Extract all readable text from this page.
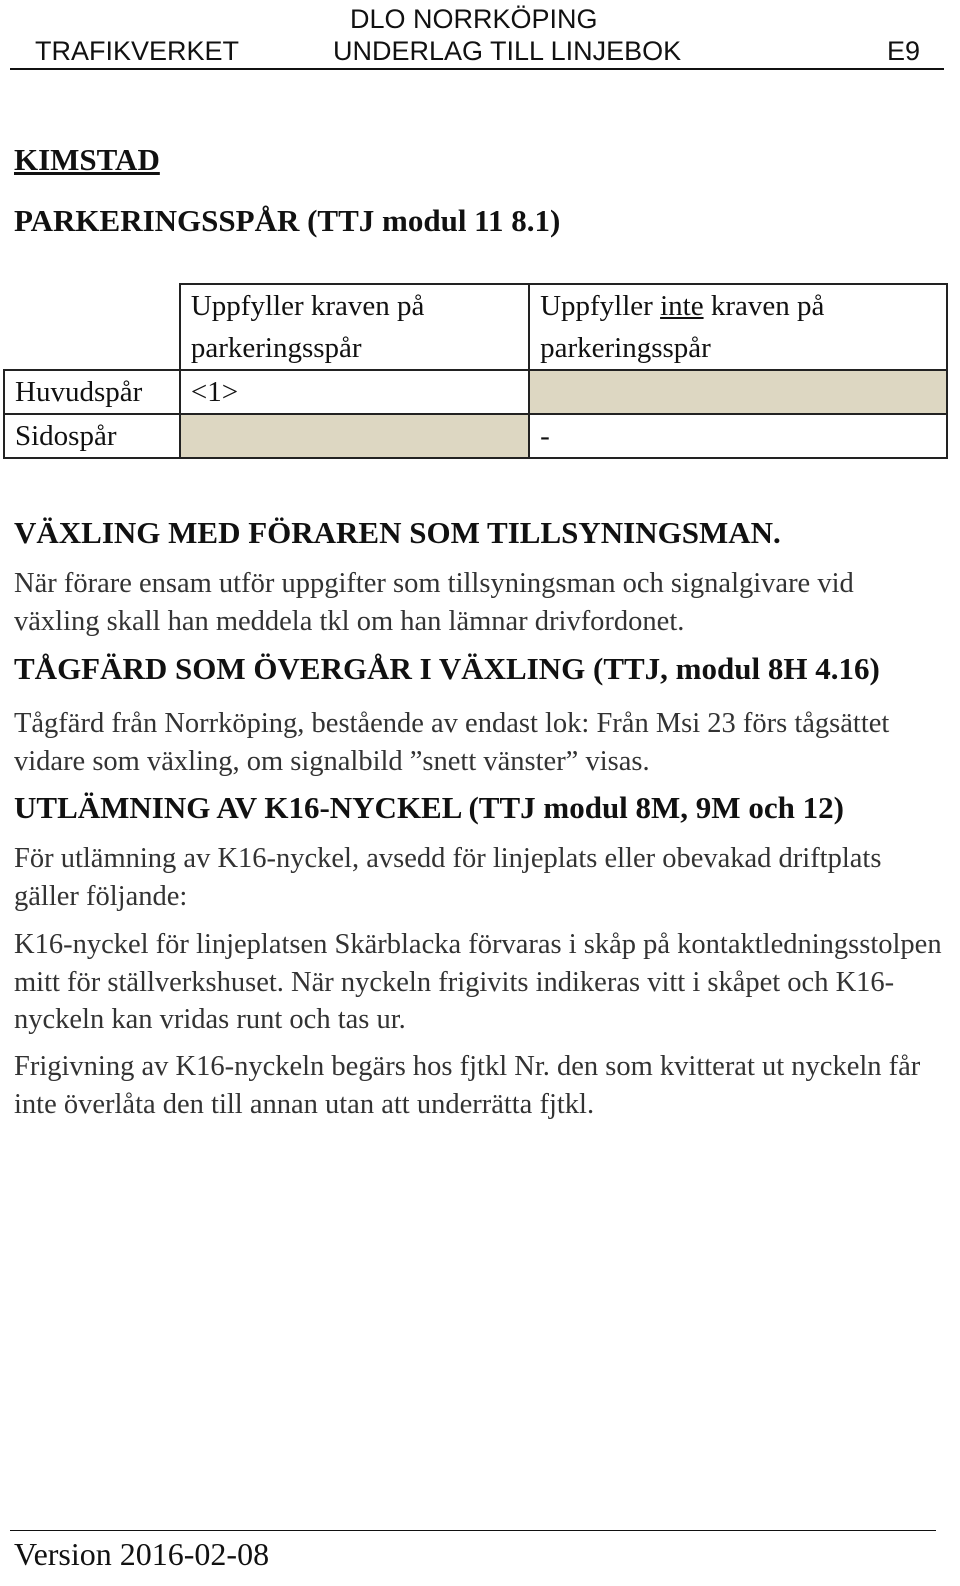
TRAFIKVERKET
DLO NORRKÖPING
UNDERLAG TILL LINJEBOK	E9
KIMSTAD
PARKERINGSSPÅR (TTJ modul 11 8.1)
	Uppfyller kraven på parkeringsspår	Uppfyller inte kraven på parkeringsspår
Huvudspår	<1>	
Sidospår		-
VÄXLING MED FÖRAREN SOM TILLSYNINGSMAN.
När förare ensam utför uppgifter som tillsyningsman och signalgivare vid växling skall han meddela tkl om han lämnar drivfordonet.
TÅGFÄRD SOM ÖVERGÅR I VÄXLING (TTJ, modul 8H 4.16)
Tågfärd från Norrköping, bestående av endast lok: Från Msi 23 förs tågsättet vidare som växling, om signalbild ”snett vänster” visas.
UTLÄMNING AV K16-NYCKEL (TTJ modul 8M, 9M och 12)
För utlämning av K16-nyckel, avsedd för linjeplats eller obevakad driftplats gäller följande:
K16-nyckel för linjeplatsen Skärblacka förvaras i skåp på kontaktledningsstolpen mitt för ställverkshuset. När nyckeln frigivits indikeras vitt i skåpet och K16-nyckeln kan vridas runt och tas ur.
Frigivning av K16-nyckeln begärs hos fjtkl Nr. den som kvitterat ut nyckeln får inte överlåta den till annan utan att underrätta fjtkl.
Version 2016-02-08
